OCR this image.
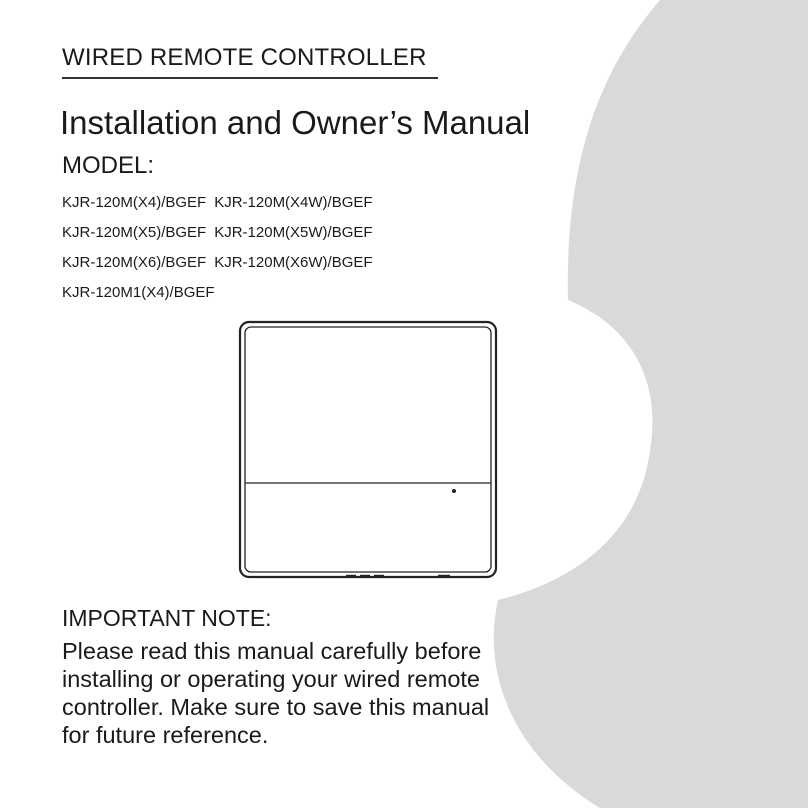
WIRED REMOTE CONTROLLER
Installation and Owner’s Manual
MODEL:
KJR-120M(X4)/BGEF KJR-120M(X4W)/BGEF
KJR-120M(X5)/BGEF KJR-120M(X5W)/BGEF
KJR-120M(X6)/BGEF KJR-120M(X6W)/BGEF
KJR-120M1(X4)/BGEF
IMPORTANT NOTE:

Please read this manual carefully before installing or operating your wired remote controller. Make sure to save this manual for future reference.
